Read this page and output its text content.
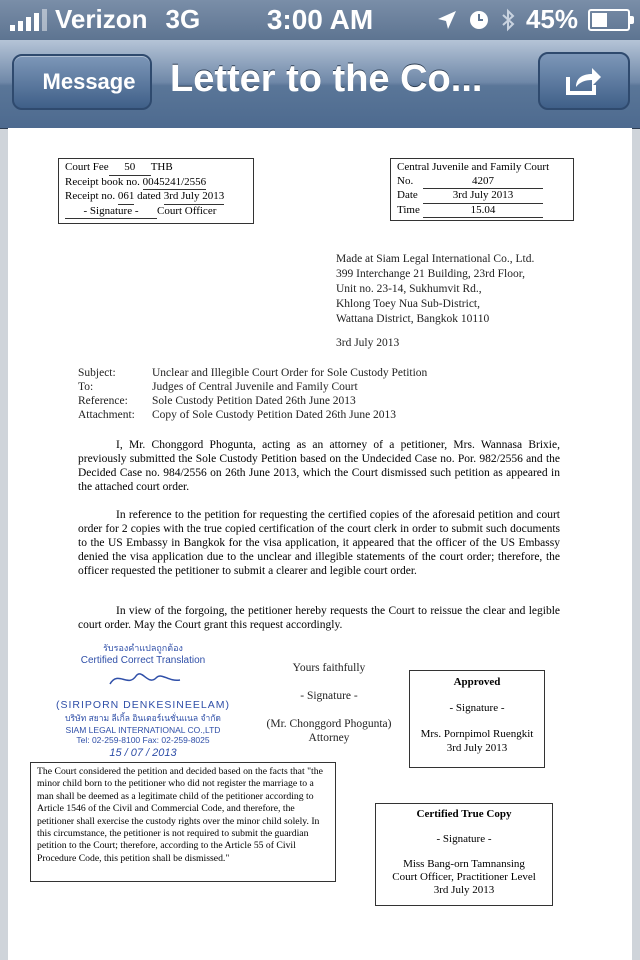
Verizon 3G	3:00 AM	45%
Message Letter to the Co...
Court Fee 50 THB
Receipt book no. 0045241/2556
Receipt no. 061 dated 3rd July 2013
- Signature - Court Officer
Central Juvenile and Family Court
No.	4207
Date	3rd July 2013
Time	15.04
Made at Siam Legal International Co., Ltd.
399 Interchange 21 Building, 23rd Floor,
Unit no. 23-14, Sukhumvit Rd.,
Khlong Toey Nua Sub-District,
Wattana District, Bangkok 10110
3rd July 2013
Subject:	Unclear and Illegible Court Order for Sole Custody Petition
To:	Judges of Central Juvenile and Family Court
Reference: Sole Custody Petition Dated 26th June 2013
Attachment: Copy of Sole Custody Petition Dated 26th June 2013
I, Mr. Chonggord Phogunta, acting as an attorney of a petitioner, Mrs. Wannasa Brixie, previously submitted the Sole Custody Petition based on the Undecided Case no. Por. 982/2556 and the Decided Case no. 984/2556 on 26th June 2013, which the Court dismissed such petition as appeared in the attached court order.
In reference to the petition for requesting the certified copies of the aforesaid petition and court order for 2 copies with the true copied certification of the court clerk in order to submit such documents to the US Embassy in Bangkok for the visa application, it appeared that the officer of the US Embassy denied the visa application due to the unclear and illegible statements of the court order; therefore, the officer requested the petitioner to submit a clearer and legible court order.
In view of the forgoing, the petitioner hereby requests the Court to reissue the clear and legible court order. May the Court grant this request accordingly.
รับรองคำแปลถูกต้อง
Certified Correct Translation
(SIRIPORN DENKESINEELAM)
บริษัท สยาม ลีเกิ้ล อินเตอร์เนชั่นแนล จำกัด
SIAM LEGAL INTERNATIONAL CO.,LTD
Tel: 02-259-8100 Fax: 02-259-8025
15 / 07 / 2013
Yours faithfully
- Signature -
(Mr. Chonggord Phogunta)
Attorney
Approved
- Signature -
Mrs. Pornpimol Ruengkit
3rd July 2013
The Court considered the petition and decided based on the facts that "the minor child born to the petitioner who did not register the marriage to a man shall be deemed as a legitimate child of the petitioner according to Article 1546 of the Civil and Commercial Code, and therefore, the petitioner shall exercise the custody rights over the minor child solely. In this circumstance, the petitioner is not required to submit the guardian petition to the Court; therefore, according to the Article 55 of Civil Procedure Code, this petition shall be dismissed."
Certified True Copy
- Signature -
Miss Bang-orn Tamnansing
Court Officer, Practitioner Level
3rd July 2013
